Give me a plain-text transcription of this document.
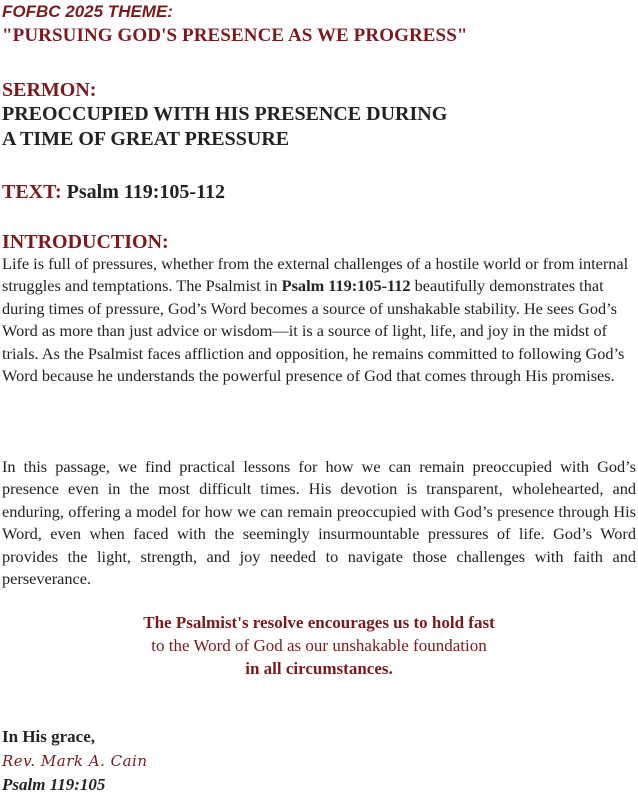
FOFBC 2025 THEME:

"PURSUING GOD'S PRESENCE AS WE PROGRESS"

SERMON:

PREOCCUPIED WITH HIS PRESENCE DURING
A TIME OF GREAT PRESSURE

TEXT: Psalm 119:105-112

INTRODUCTION:

Life is full of pressures, whether from the external challenges of a hostile world or from internal struggles and temptations. The Psalmist in Psalm 119:105-112 beautifully demonstrates that during times of pressure, God’s Word becomes a source of unshakable stability. He sees God’s Word as more than just advice or wisdom—it is a source of light, life, and joy in the midst of trials. As the Psalmist faces affliction and opposition, he remains committed to following God’s Word because he understands the powerful presence of God that comes through His promises.

In this passage, we find practical lessons for how we can remain preoccupied with God’s presence even in the most difficult times. His devotion is transparent, wholehearted, and enduring, offering a model for how we can remain preoccupied with God’s presence through His Word, even when faced with the seemingly insurmountable pressures of life. God’s Word provides the light, strength, and joy needed to navigate those challenges with faith and perseverance.

The Psalmist's resolve encourages us to hold fast
to the Word of God as our unshakable foundation
in all circumstances.

In His grace,

Rev. Mark A. Cain

Psalm 119:105
